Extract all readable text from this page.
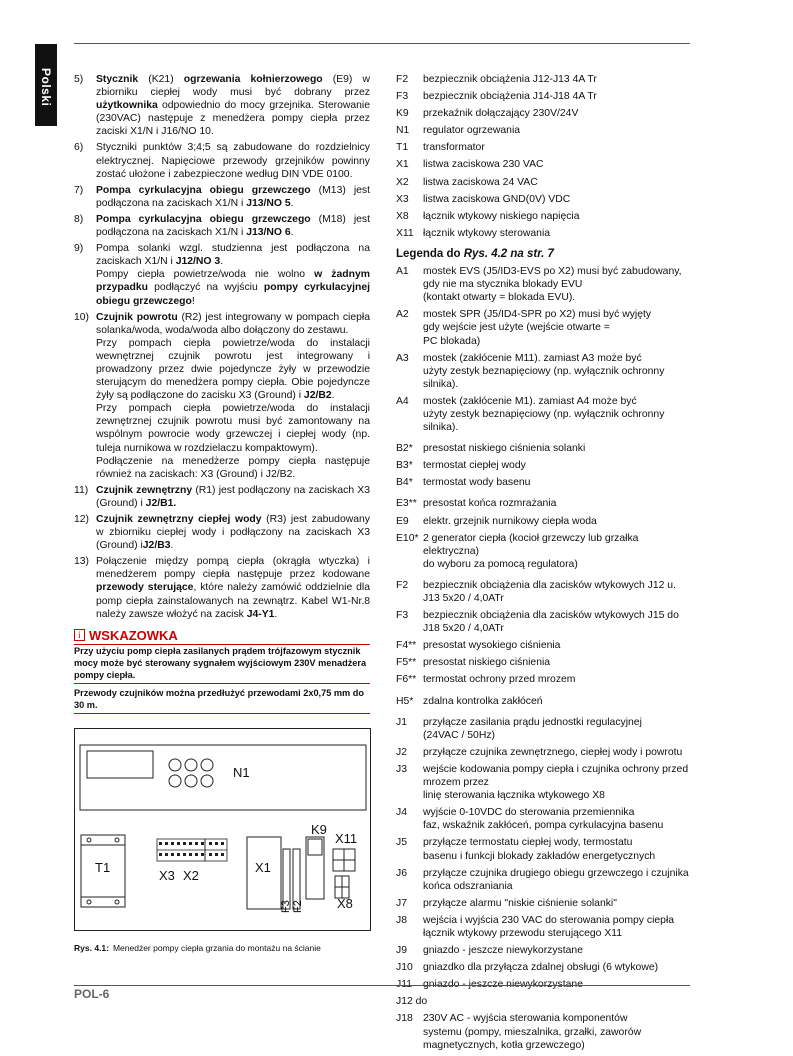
Polski 5)	Stycznik (K21) ogrzewania kołnierzowego (E9) w zbiorniku ciepłej wody musi być dobrany przez użytkownika odpowiednio do mocy grzejnika. Sterowanie (230VAC) następuje z menedżera pompy ciepła przez zaciski X1/N i J16/NO 10.
6)	Styczniki punktów 3;4;5 są zabudowane do rozdzielnicy elektrycznej. Napięciowe przewody grzejników powinny zostać ułożone i zabezpieczone według DIN VDE 0100.
7)	Pompa cyrkulacyjna obiegu grzewczego (M13) jest podłączona na zaciskach X1/N i J13/NO 5.
8)	Pompa cyrkulacyjna obiegu grzewczego (M18) jest podłączona na zaciskach X1/N i J13/NO 6.
9)	Pompa solanki wzgl. studzienna jest podłączona na zaciskach X1/N i J12/NO 3.
Pompy ciepła powietrze/woda nie wolno w żadnym przypadku podłączyć na wyjściu pompy cyrkulacyjnej obiegu grzewczego!
10) Czujnik powrotu (R2) jest integrowany w pompach ciepła solanka/woda, woda/woda albo dołączony do zestawu.
Przy pompach ciepła powietrze/woda do instalacji wewnętrznej czujnik powrotu jest integrowany i prowadzony przez dwie pojedyncze żyły w przewodzie sterującym do menedżera pompy ciepła. Obie pojedyncze żyły są podłączone do zacisku X3 (Ground) i J2/B2.
Przy pompach ciepła powietrze/woda do instalacji zewnętrznej czujnik powrotu musi być zamontowany na wspólnym powrocie wody grzewczej i ciepłej wody (np. tuleja nurnikowa w rozdzielaczu kompaktowym).
Podłączenie na menedżerze pompy ciepła następuje również na zaciskach: X3 (Ground) i J2/B2.
11) Czujnik zewnętrzny (R1) jest podłączony na zaciskach X3 (Ground) i J2/B1.
12) Czujnik zewnętrzny ciepłej wody (R3) jest zabudowany w zbiorniku ciepłej wody i podłączony na zaciskach X3 (Ground) iJ2/B3.
13) Połączenie między pompą ciepła (okrągła wtyczka) i menedżerem pompy ciepła następuje przez kodowane przewody sterujące, które należy zamówić oddzielnie dla pomp ciepła zainstalowanych na zewnątrz. Kabel W1-Nr.8 należy zawsze włożyć na zacisk J4-Y1.
i WSKAZOWKA
Przy użyciu pomp ciepła zasilanych prądem trójfazowym stycznik mocy może być sterowany sygnałem wyjściowym 230V menadżera pompy ciepła.
Przewody czujników można przedłużyć przewodami 2x0,75 mm do 30 m.
N1
K9
X11
T1
X3 X2
X1
X8
F3 F2
Rys. 4.1: Menedżer pompy ciepła grzania do montażu na ścianie
F2	bezpiecznik obciążenia J12-J13 4A Tr
F3	bezpiecznik obciążenia J14-J18 4A Tr
K9	przekaźnik dołączający 230V/24V
N1	regulator ogrzewania
T1	transformator
X1	listwa zaciskowa 230 VAC
X2	listwa zaciskowa 24 VAC
X3	listwa zaciskowa GND(0V) VDC
X8	łącznik wtykowy niskiego napięcia
X11 łącznik wtykowy sterowania
Legenda do Rys. 4.2 na str. 7
A1	mostek EVS (J5/ID3-EVS po X2) musi być zabudowany,
gdy nie ma stycznika blokady EVU
(kontakt otwarty = blokada EVU).
A2	mostek SPR (J5/ID4-SPR po X2) musi być wyjęty
gdy wejście jest użyte (wejście otwarte =
PC blokada)
A3	mostek (zakłócenie M11). zamiast A3 może być
użyty zestyk beznapięciowy (np. wyłącznik ochronny
silnika).
A4	mostek (zakłócenie M1). zamiast A4 może być
użyty zestyk beznapięciowy (np. wyłącznik ochronny
silnika).
B2* presostat niskiego ciśnienia solanki
B3* termostat ciepłej wody
B4* termostat wody basenu
E3** presostat końca rozmrażania
E9	elektr. grzejnik nurnikowy ciepła woda
E10* 2 generator ciepła (kocioł grzewczy lub grzałka
elektryczna)
do wyboru za pomocą regulatora)
F2	bezpiecznik obciążenia dla zacisków wtykowych J12 u.
J13 5x20 / 4,0ATr
F3	bezpiecznik obciążenia dla zacisków wtykowych J15 do
J18 5x20 / 4,0ATr
F4** presostat wysokiego ciśnienia
F5** presostat niskiego ciśnienia
F6** termostat ochrony przed mrozem
H5* zdalna kontrolka zakłóceń
J1	przyłącze zasilania prądu jednostki regulacyjnej
(24VAC / 50Hz)
J2	przyłącze czujnika zewnętrznego, ciepłej wody i powrotu
J3	wejście kodowania pompy ciepła i czujnika ochrony przed
mrozem przez
linię sterowania łącznika wtykowego X8
J4	wyjście 0-10VDC do sterowania przemiennika
faz, wskaźnik zakłóceń, pompa cyrkulacyjna basenu
J5	przyłącze termostatu ciepłej wody, termostatu
basenu i funkcji blokady zakładów energetycznych
J6	przyłącze czujnika drugiego obiegu grzewczego i czujnika
końca odszraniania
J7	przyłącze alarmu "niskie ciśnienie solanki"
J8	wejścia i wyjścia 230 VAC do sterowania pompy ciepła
łącznik wtykowy przewodu sterującego X11
J9	gniazdo - jeszcze niewykorzystane
J10 gniazdko dla przyłącza zdalnej obsługi (6 wtykowe)
J11	gniazdo - jeszcze niewykorzystane
J12 do
J18 230V AC - wyjścia sterowania komponentów
systemu (pompy, mieszalnika, grzałki, zaworów
magnetycznych, kotła grzewczego)
POL-6
